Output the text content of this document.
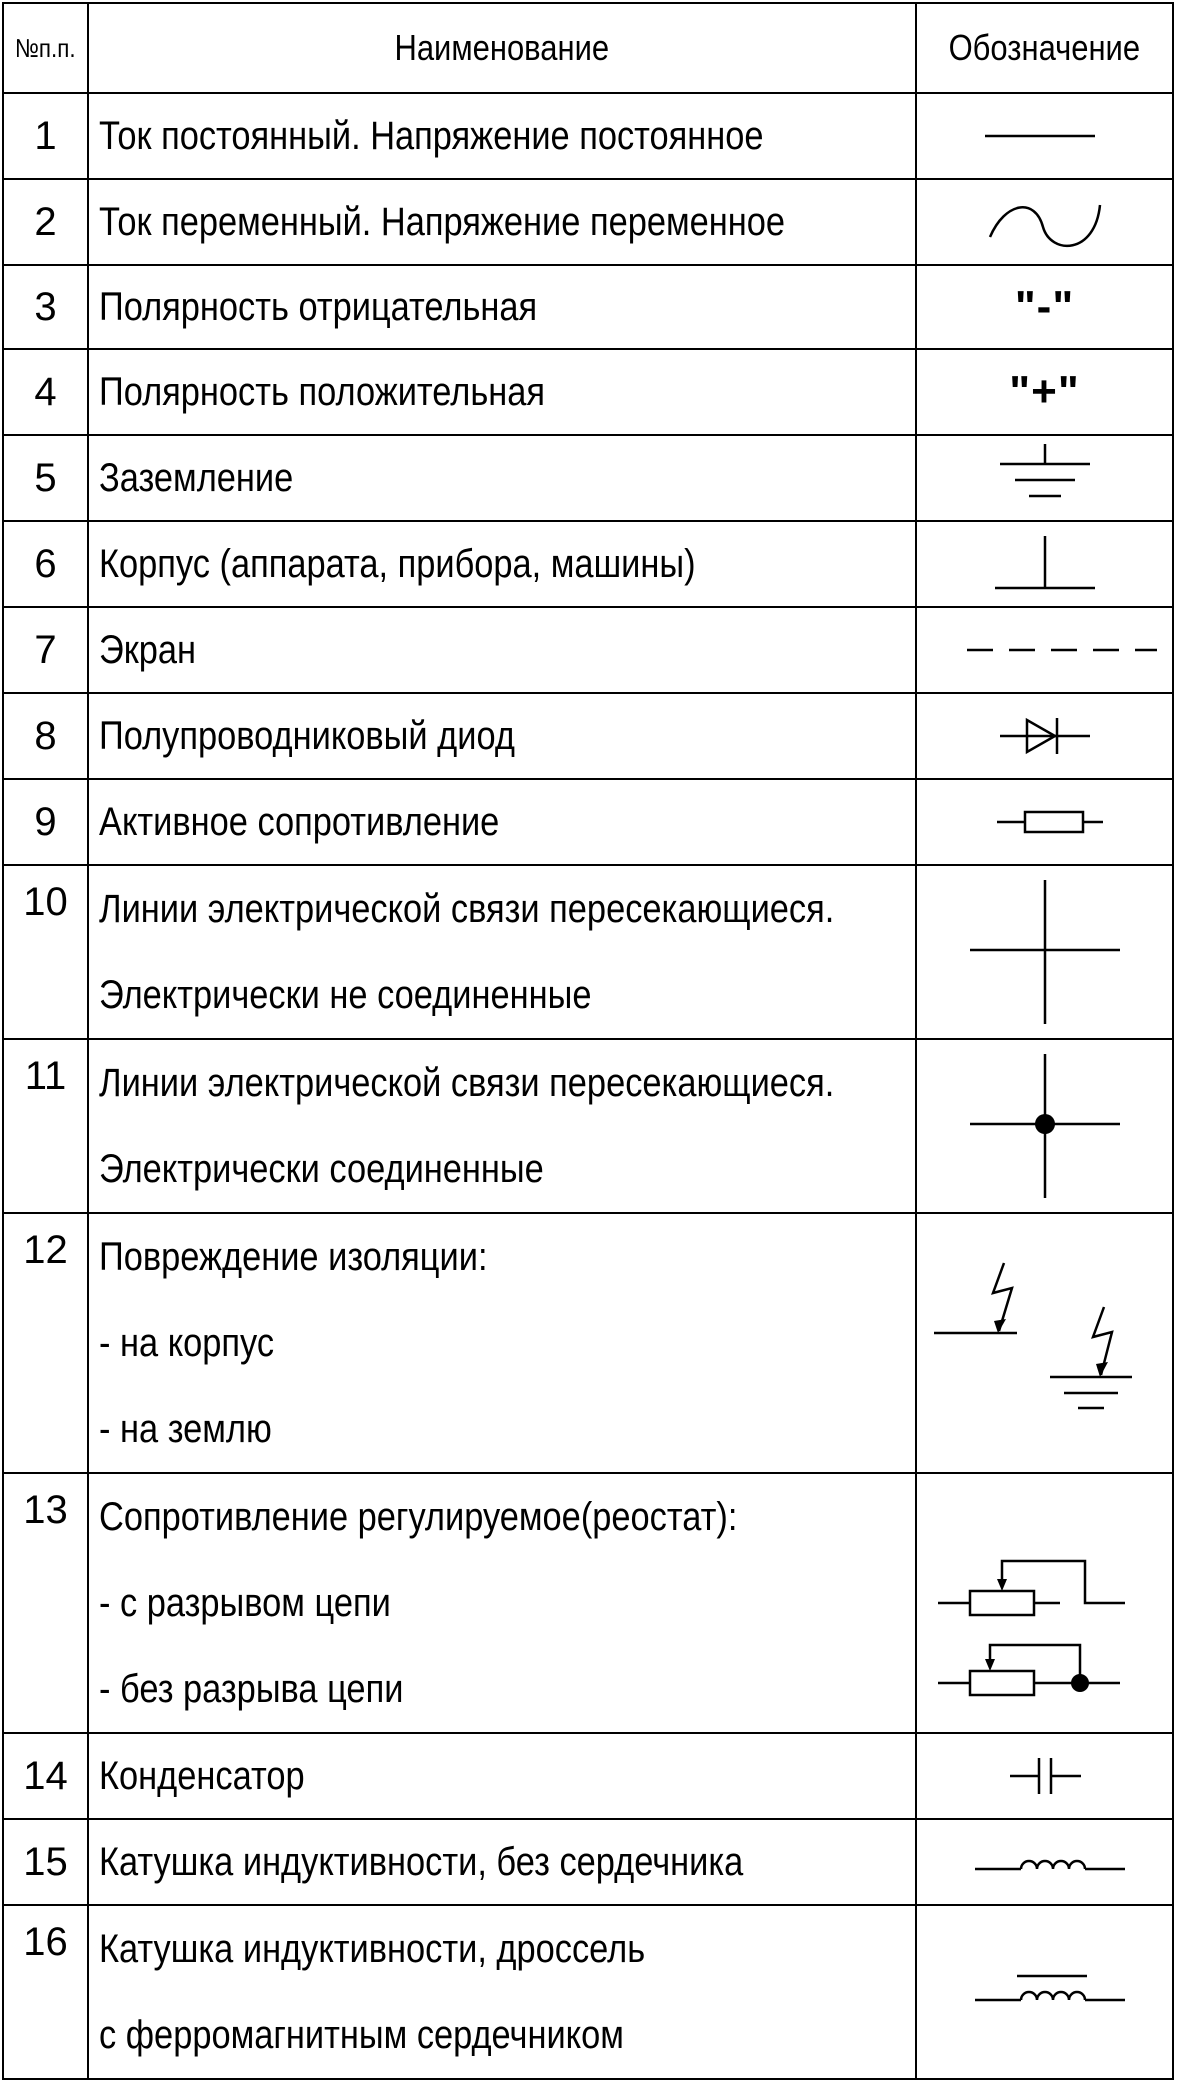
№п.п.	Наименование	Обозначение
1	Ток постоянный. Напряжение постоянное

2	Ток переменный. Напряжение переменное

3	Полярность отрицательная	"-"
4	Полярность положительная	"+"
5	Заземление

6	Корпус (аппарата, прибора, машины)

7	Экран

8	Полупроводниковый диод

9	Активное сопротивление

10	Линии электрической связи пересекающиеся.
Электрически не соединенные

11	Линии электрической связи пересекающиеся.
Электрически соединенные

12	Повреждение изоляции:
- на корпус
- на землю

13	Сопротивление регулируемое(реостат):
- с разрывом цепи
- без разрыва цепи

14	Конденсатор

15	Катушка индуктивности, без сердечника

16	Катушка индуктивности, дроссель
с ферромагнитным сердечником
